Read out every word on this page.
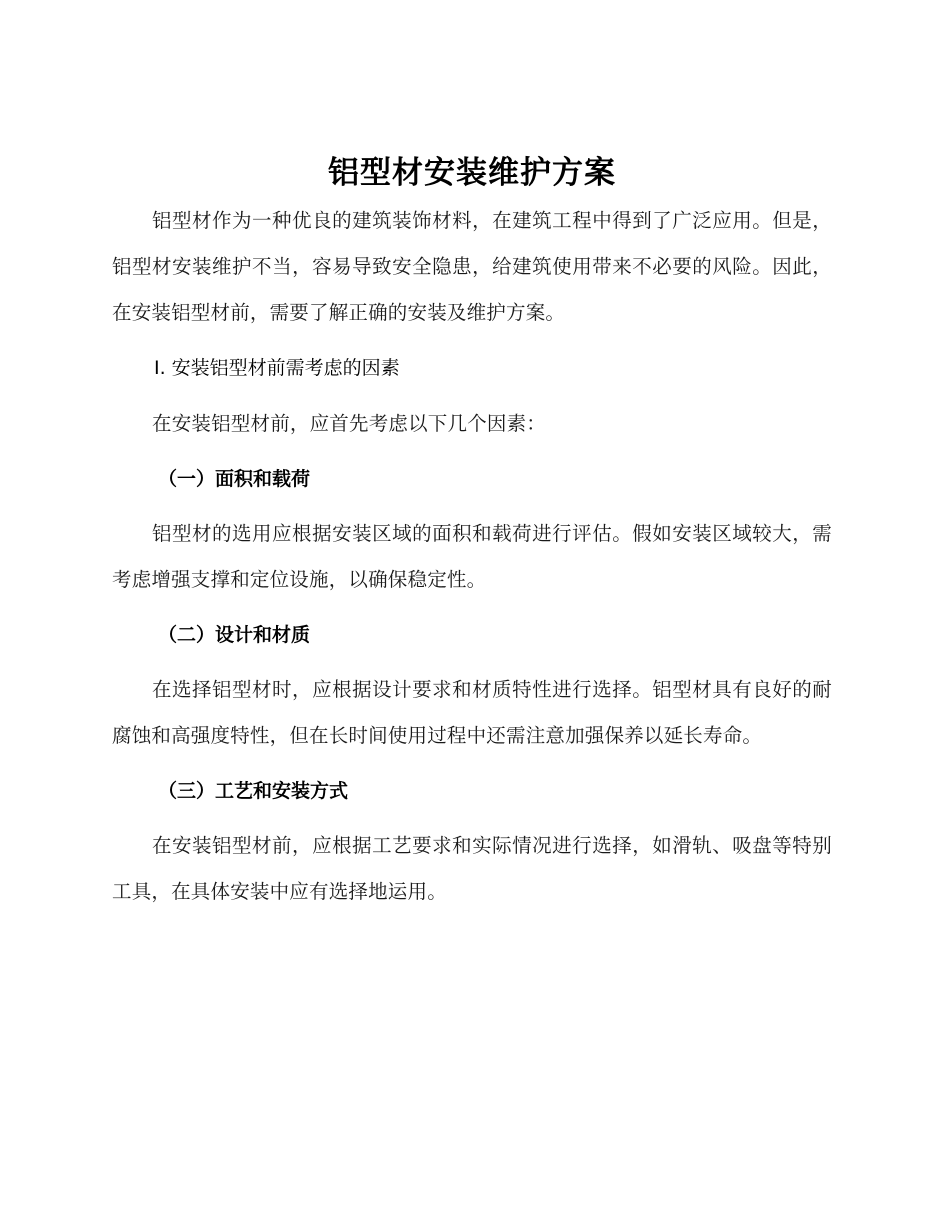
铝型材安装维护方案

铝型材作为一种优良的建筑装饰材料，在建筑工程中得到了广泛应用。但是，铝型材安装维护不当，容易导致安全隐患，给建筑使用带来不必要的风险。因此，在安装铝型材前，需要了解正确的安装及维护方案。

I. 安装铝型材前需考虑的因素

在安装铝型材前，应首先考虑以下几个因素：

（一）面积和载荷

铝型材的选用应根据安装区域的面积和载荷进行评估。假如安装区域较大，需考虑增强支撑和定位设施，以确保稳定性。

（二）设计和材质

在选择铝型材时，应根据设计要求和材质特性进行选择。铝型材具有良好的耐腐蚀和高强度特性，但在长时间使用过程中还需注意加强保养以延长寿命。

（三）工艺和安装方式

在安装铝型材前，应根据工艺要求和实际情况进行选择，如滑轨、吸盘等特别工具，在具体安装中应有选择地运用。
